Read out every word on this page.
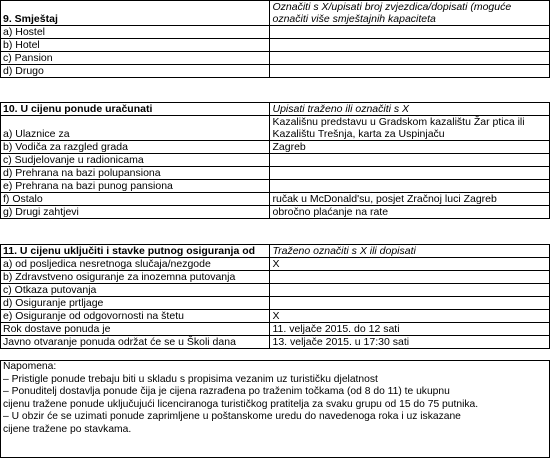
9. Smještaj	Označiti s X/upisati broj zvjezdica/dopisati (moguće označiti više smještajnih kapaciteta
a) Hostel	
b) Hotel	
c) Pansion	
d) Drugo	
10. U cijenu ponude uračunati	Upisati traženo ili označiti s X
a) Ulaznice za	Kazališnu predstavu u Gradskom kazalištu Žar ptica ili Kazalištu Trešnja, karta za Uspinjaču
b) Vodiča za razgled grada	Zagreb
c) Sudjelovanje u radionicama	
d) Prehrana na bazi polupansiona	
e) Prehrana na bazi punog pansiona	
f) Ostalo	ručak u McDonald'su, posjet Zračnoj luci Zagreb
g) Drugi zahtjevi	obročno plaćanje na rate
11. U cijenu uključiti i stavke putnog osiguranja od	Traženo označiti s X ili dopisati
a) od posljedica nesretnoga slučaja/nezgode	X
b) Zdravstveno osiguranje za inozemna putovanja	
c) Otkaza putovanja	
d) Osiguranje prtljage	
e) Osiguranje od odgovornosti na štetu	X
Rok dostave ponuda je	11. veljače 2015. do 12 sati
Javno otvaranje ponuda održat će se u Školi dana	13. veljače 2015. u 17:30 sati
Napomena:
– Pristigle ponude trebaju biti u skladu s propisima vezanim uz turističku djelatnost
– Ponuditelj dostavlja ponude čija je cijena razrađena po traženim točkama (od 8 do 11) te ukupnu
cijenu tražene ponude uključujući licenciranoga turističkog pratitelja za svaku grupu od 15 do 75 putnika.
– U obzir će se uzimati ponude zaprimljene u poštanskome uredu do navedenoga roka i uz iskazane
cijene tražene po stavkama.
